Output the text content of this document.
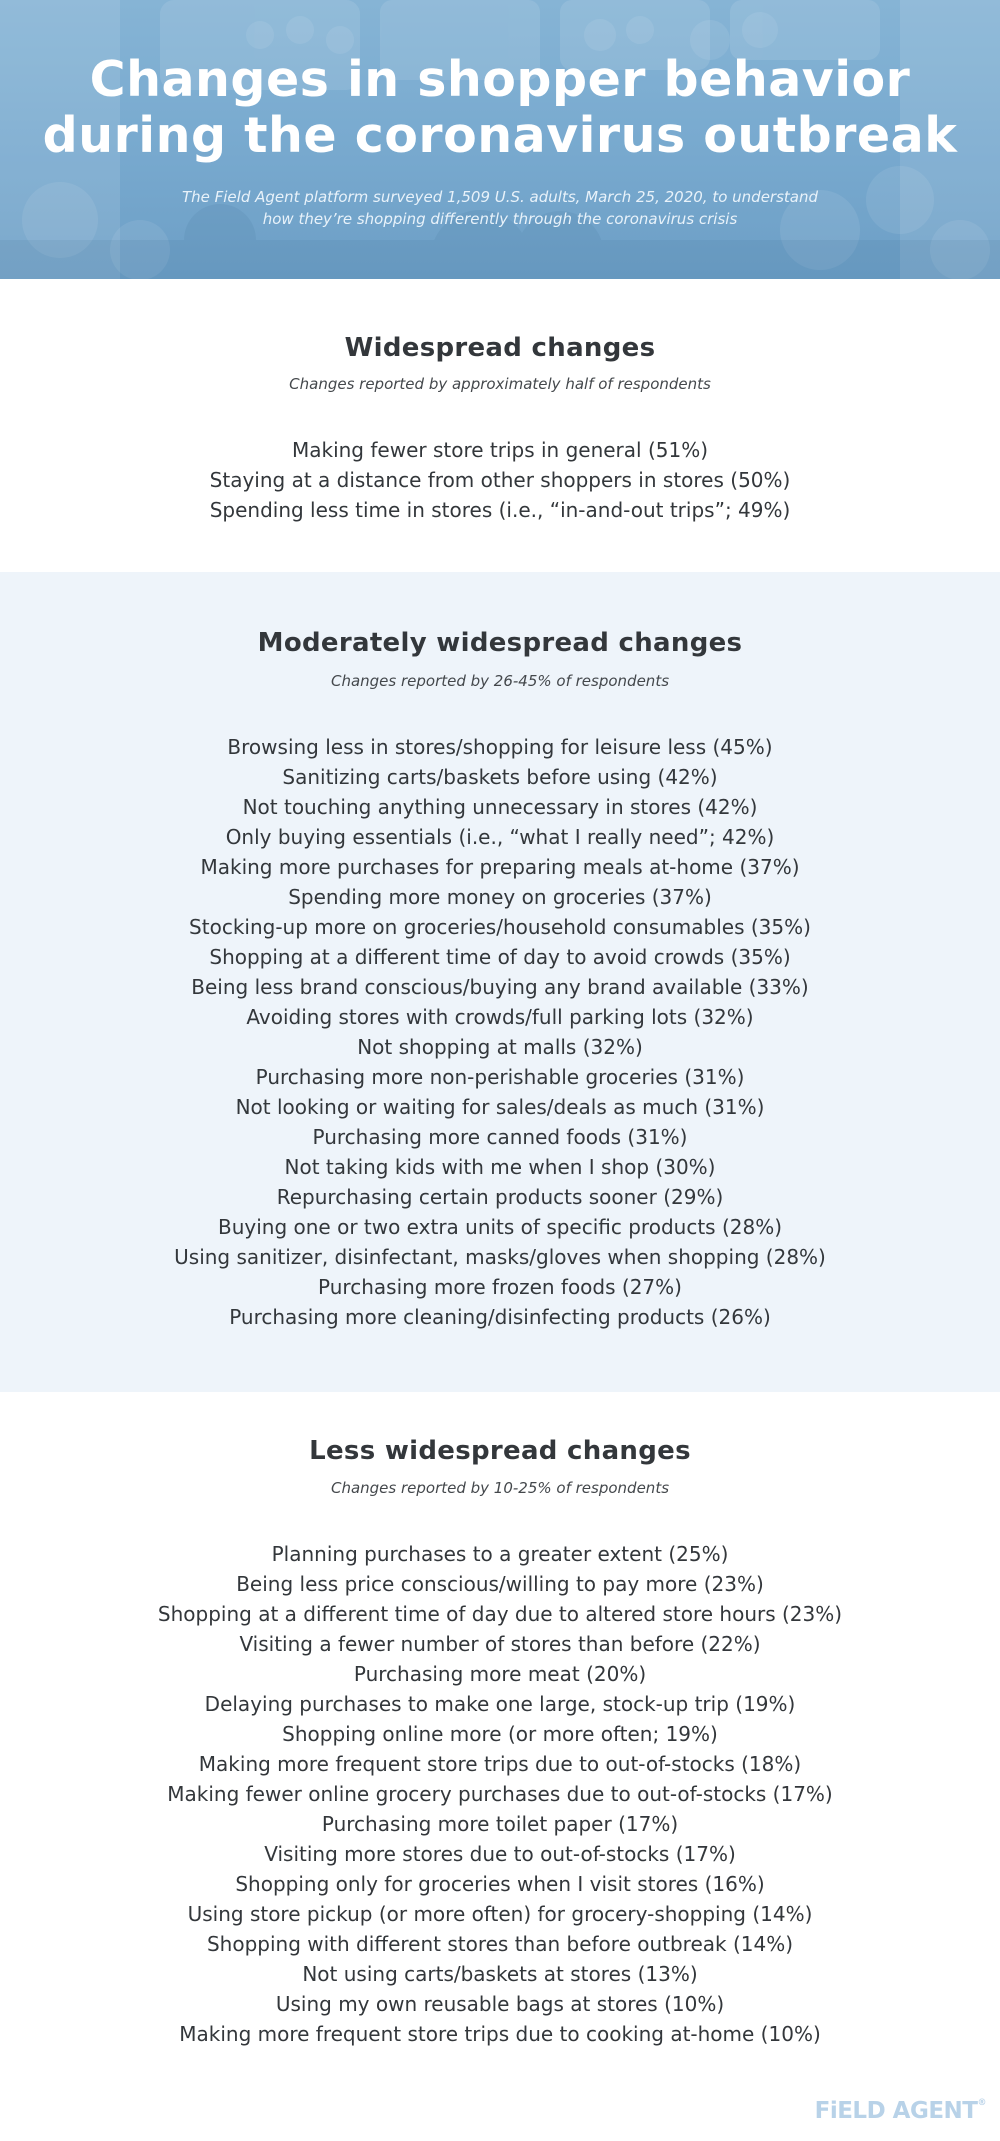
Changes in shopper behavior
during the coronavirus outbreak
The Field Agent platform surveyed 1,509 U.S. adults, March 25, 2020, to understand
how they’re shopping differently through the coronavirus crisis
Widespread changes
Changes reported by approximately half of respondents
Making fewer store trips in general (51%)
Staying at a distance from other shoppers in stores (50%)
Spending less time in stores (i.e., “in-and-out trips”; 49%)
Moderately widespread changes
Changes reported by 26-45% of respondents
Browsing less in stores/shopping for leisure less (45%)
Sanitizing carts/baskets before using (42%)
Not touching anything unnecessary in stores (42%)
Only buying essentials (i.e., “what I really need”; 42%)
Making more purchases for preparing meals at-home (37%)
Spending more money on groceries (37%)
Stocking-up more on groceries/household consumables (35%)
Shopping at a different time of day to avoid crowds (35%)
Being less brand conscious/buying any brand available (33%)
Avoiding stores with crowds/full parking lots (32%)
Not shopping at malls (32%)
Purchasing more non-perishable groceries (31%)
Not looking or waiting for sales/deals as much (31%)
Purchasing more canned foods (31%)
Not taking kids with me when I shop (30%)
Repurchasing certain products sooner (29%)
Buying one or two extra units of specific products (28%)
Using sanitizer, disinfectant, masks/gloves when shopping (28%)
Purchasing more frozen foods (27%)
Purchasing more cleaning/disinfecting products (26%)
Less widespread changes
Changes reported by 10-25% of respondents
Planning purchases to a greater extent (25%)
Being less price conscious/willing to pay more (23%)
Shopping at a different time of day due to altered store hours (23%)
Visiting a fewer number of stores than before (22%)
Purchasing more meat (20%)
Delaying purchases to make one large, stock-up trip (19%)
Shopping online more (or more often; 19%)
Making more frequent store trips due to out-of-stocks (18%)
Making fewer online grocery purchases due to out-of-stocks (17%)
Purchasing more toilet paper (17%)
Visiting more stores due to out-of-stocks (17%)
Shopping only for groceries when I visit stores (16%)
Using store pickup (or more often) for grocery-shopping (14%)
Shopping with different stores than before outbreak (14%)
Not using carts/baskets at stores (13%)
Using my own reusable bags at stores (10%)
Making more frequent store trips due to cooking at-home (10%)
FiELD AGENT®
